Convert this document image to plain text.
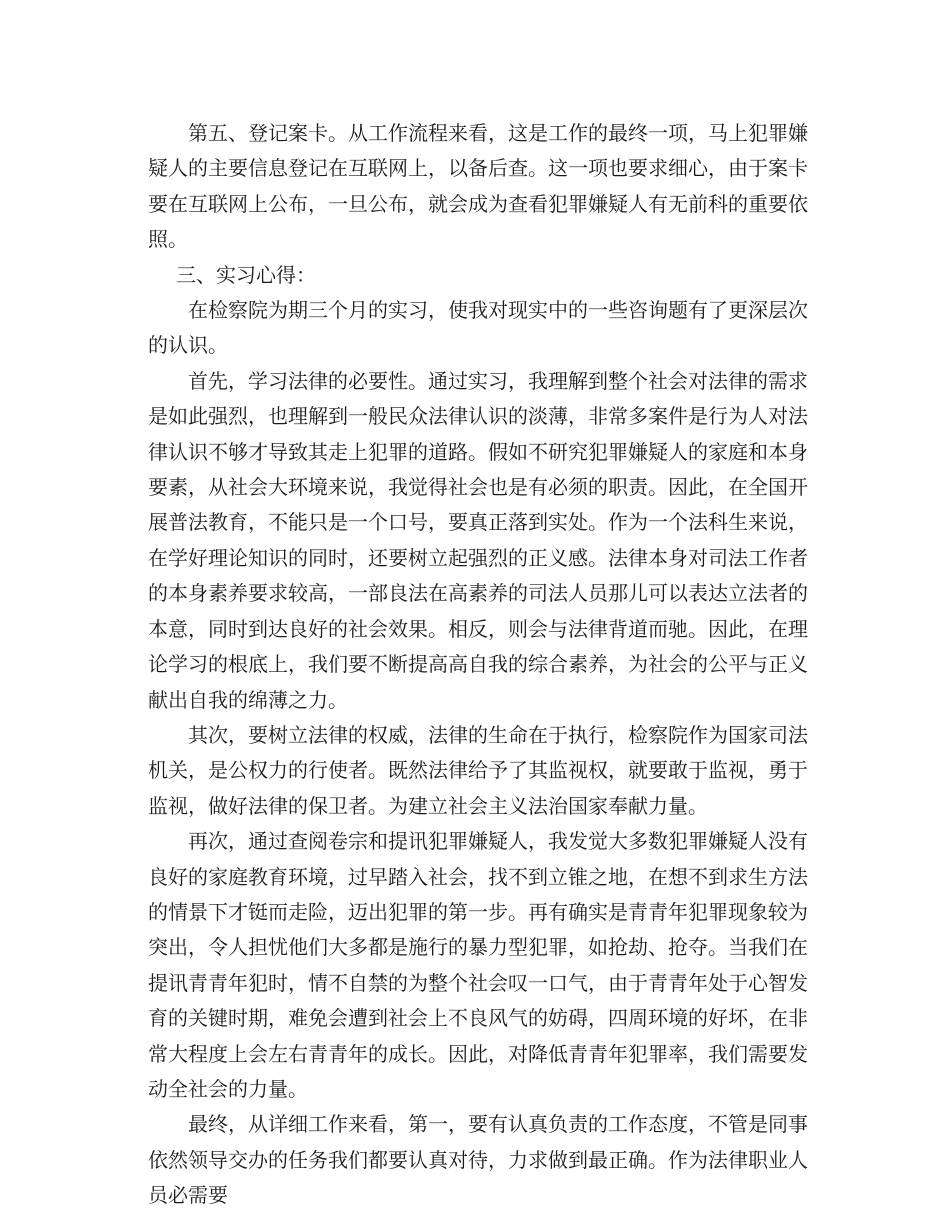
第五、登记案卡。从工作流程来看，这是工作的最终一项，马上犯罪嫌疑人的主要信息登记在互联网上，以备后查。这一项也要求细心，由于案卡要在互联网上公布，一旦公布，就会成为查看犯罪嫌疑人有无前科的重要依照。

三、实习心得：

在检察院为期三个月的实习，使我对现实中的一些咨询题有了更深层次的认识。

首先，学习法律的必要性。通过实习，我理解到整个社会对法律的需求是如此强烈，也理解到一般民众法律认识的淡薄，非常多案件是行为人对法律认识不够才导致其走上犯罪的道路。假如不研究犯罪嫌疑人的家庭和本身要素，从社会大环境来说，我觉得社会也是有必须的职责。因此，在全国开展普法教育，不能只是一个口号，要真正落到实处。作为一个法科生来说，在学好理论知识的同时，还要树立起强烈的正义感。法律本身对司法工作者的本身素养要求较高，一部良法在高素养的司法人员那儿可以表达立法者的本意，同时到达良好的社会效果。相反，则会与法律背道而驰。因此，在理论学习的根底上，我们要不断提高高自我的综合素养，为社会的公平与正义献出自我的绵薄之力。

其次，要树立法律的权威，法律的生命在于执行，检察院作为国家司法机关，是公权力的行使者。既然法律给予了其监视权，就要敢于监视，勇于监视，做好法律的保卫者。为建立社会主义法治国家奉献力量。

再次，通过查阅卷宗和提讯犯罪嫌疑人，我发觉大多数犯罪嫌疑人没有良好的家庭教育环境，过早踏入社会，找不到立锥之地，在想不到求生方法的情景下才铤而走险，迈出犯罪的第一步。再有确实是青青年犯罪现象较为突出，令人担忧他们大多都是施行的暴力型犯罪，如抢劫、抢夺。当我们在提讯青青年犯时，情不自禁的为整个社会叹一口气，由于青青年处于心智发育的关键时期，难免会遭到社会上不良风气的妨碍，四周环境的好坏，在非常大程度上会左右青青年的成长。因此，对降低青青年犯罪率，我们需要发动全社会的力量。

最终，从详细工作来看，第一，要有认真负责的工作态度，不管是同事依然领导交办的任务我们都要认真对待，力求做到最正确。作为法律职业人员必需要
